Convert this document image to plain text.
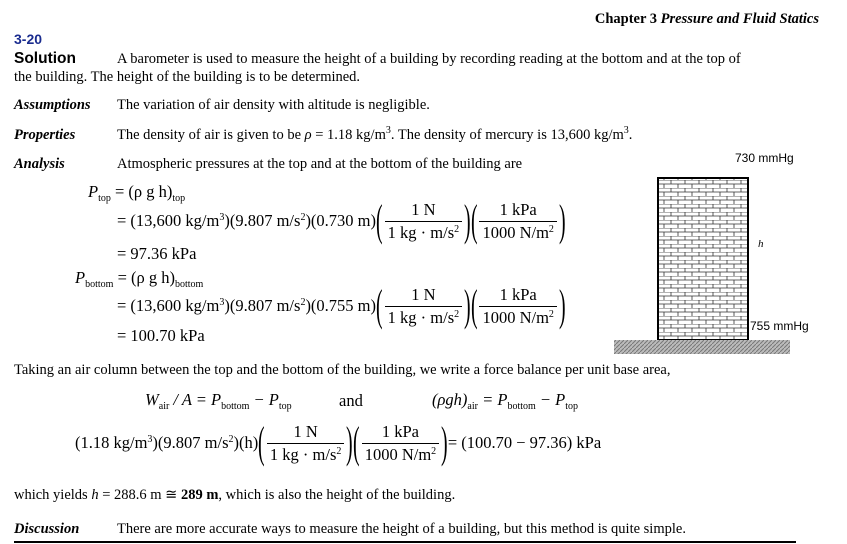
Chapter 3 Pressure and Fluid Statics
3-20
Solution	A barometer is used to measure the height of a building by recording reading at the bottom and at the top of
the building. The height of the building is to be determined.
Assumptions The variation of air density with altitude is negligible.
Properties	The density of air is given to be ρ = 1.18 $kg/m^3$. The density of mercury is 13,600 $kg/m^3$.
Analysis	Atmospheric pressures at the top and at the bottom of the building are	730 mmHg
h
755 mmHg
$P_{top} = (\rho$ g $h)_{top}$
= (13,600 $kg/m^3)(9.807$ $m/s^2)(0.730$ m) ( $\frac{1 N}{1 kg \cdot m/s^2}$ ) ( $\frac{\text{1 kPa}}{1000 N/m^2}$ )
= 97.36 kPa
$P_{bottom} = (\rho$ g $h)_{bottom}$
= (13,600 $kg/m^3)(9.807$ $m/s^2)(0.755$ m) ( $\frac{1 N}{1 kg \cdot m/s^2}$ ) ( $\frac{\text{1 kPa}}{1000 N/m^2}$ )
= 100.70 kPa
Taking an air column between the top and the bottom of the building, we write a force balance per unit base area,
$W_{air} / A = P_{bottom} - P_{top}$	and	$(\rho gh)_{air} = P_{bottom} - P_{top}$
(1.18 $kg/m^3)(9.807$ $m/s^2)(h)$ ( $\frac{1 N}{1 kg \cdot m/s^2}$ ) ( $\frac{\text{1 kPa}}{1000 N/m^2}$ ) = (100.70 − 97.36) kPa
which yields h = 288.6 m ≅ 289 m, which is also the height of the building.
Discussion	There are more accurate ways to measure the height of a building, but this method is quite simple.
